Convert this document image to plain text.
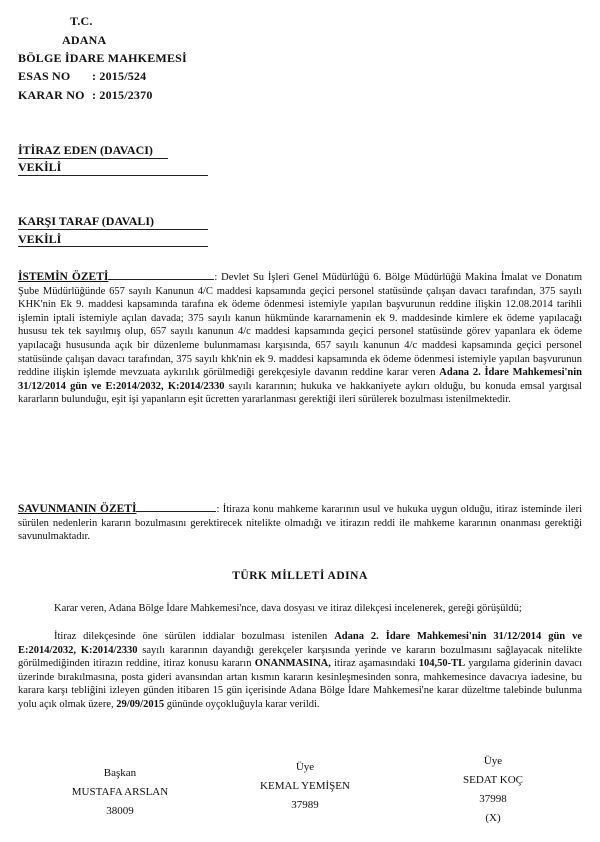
T.C.
ADANA
BÖLGE İDARE MAHKEMESİ
ESAS NO : 2015/524
KARAR NO : 2015/2370
İTİRAZ EDEN (DAVACI)
VEKİLİ
KARŞI TARAF (DAVALI)
VEKİLİ
İSTEMİN ÖZETİ	: Devlet Su İşleri Genel Müdürlüğü 6. Bölge Müdürlüğü Makina İmalat ve Donatım Şube Müdürlüğünde 657 sayılı Kanunun 4/C maddesi kapsamında geçici personel statüsünde çalışan davacı tarafından, 375 sayılı KHK'nin Ek 9. maddesi kapsamında tarafına ek ödeme ödenmesi istemiyle yapılan başvurunun reddine ilişkin 12.08.2014 tarihli işlemin iptali istemiyle açılan davada; 375 sayılı kanun hükmünde kararnamenin ek 9. maddesinde kimlere ek ödeme yapılacağı hususu tek tek sayılmış olup, 657 sayılı kanunun 4/c maddesi kapsamında geçici personel statüsünde görev yapanlara ek ödeme yapılacağı hususunda açık bir düzenleme bulunmaması karşısında, 657 sayılı kanunun 4/c maddesi kapsamında geçici personel statüsünde çalışan davacı tarafından, 375 sayılı khk'nin ek 9. maddesi kapsamında ek ödeme ödenmesi istemiyle yapılan başvurunun reddine ilişkin işlemde mevzuata aykırılık görülmediği gerekçesiyle davanın reddine karar veren Adana 2. İdare Mahkemesi'nin 31/12/2014 gün ve E:2014/2032, K:2014/2330 sayılı kararının; hukuka ve hakkaniyete aykırı olduğu, bu konuda emsal yargısal kararların bulunduğu, eşit işi yapanların eşit ücretten yararlanması gerektiği ileri sürülerek bozulması istenilmektedir.
SAVUNMANIN ÖZETİ	: İtiraza konu mahkeme kararının usul ve hukuka uygun olduğu, itiraz isteminde ileri sürülen nedenlerin kararın bozulmasını gerektirecek nitelikte olmadığı ve itirazın reddi ile mahkeme kararının onanması gerektiği savunulmaktadır.
TÜRK MİLLETİ ADINA
Karar veren, Adana Bölge İdare Mahkemesi'nce, dava dosyası ve itiraz dilekçesi incelenerek, gereği görüşüldü;
İtiraz dilekçesinde öne sürülen iddialar bozulması istenilen Adana 2. İdare Mahkemesi'nin 31/12/2014 gün ve E:2014/2032, K:2014/2330 sayılı kararının dayandığı gerekçeler karşısında yerinde ve kararın bozulmasını sağlayacak nitelikte görülmediğinden itirazın reddine, itiraz konusu kararın ONANMASINA, itiraz aşamasındaki 104,50-TL yargılama giderinin davacı üzerinde bırakılmasına, posta gideri avansından artan kısmın kararın kesinleşmesinden sonra, mahkemesince davacıya iadesine, bu karara karşı tebliğini izleyen günden itibaren 15 gün içerisinde Adana Bölge İdare Mahkemesi'ne karar düzeltme talebinde bulunma yolu açık olmak üzere, 29/09/2015 gününde oyçokluğuyla karar verildi.
Başkan
MUSTAFA ARSLAN
38009
Üye
KEMAL YEMİŞEN
37989
Üye
SEDAT KOÇ
37998
(X)
